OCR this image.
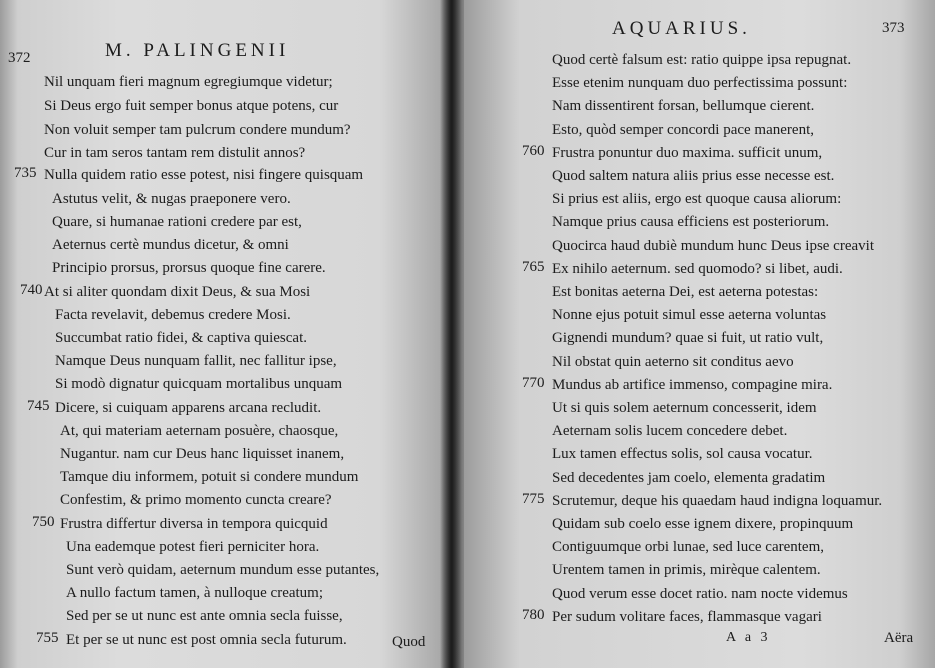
372	M. PALINGENII
Nil unquam fieri magnum egregiumque videtur;
Si Deus ergo fuit semper bonus atque potens, cur
Non voluit semper tam pulcrum condere mundum?
Cur in tam seros tantam rem distulit annos?
Nulla quidem ratio esse potest, nisi fingere quisquam
Astutus velit, & nugas praeponere vero.
Quare, si humanae rationi credere par est,
Aeternus certè mundus dicetur, & omni
Principio prorsus, prorsus quoque fine carere.
At si aliter quondam dixit Deus, & sua Mosi
Facta revelavit, debemus credere Mosi.
Succumbat ratio fidei, & captiva quiescat.
Namque Deus nunquam fallit, nec fallitur ipse,
Si modò dignatur quicquam mortalibus unquam
Dicere, si cuiquam apparens arcana recludit.
At, qui materiam aeternam posuère, chaosque,
Nugantur. nam cur Deus hanc liquisset inanem,
Tamque diu informem, potuit si condere mundum
Confestim, & primo momento cuncta creare?
Frustra differtur diversa in tempora quicquid
Una eademque potest fieri perniciter hora.
Sunt verò quidam, aeternum mundum esse putantes,
A nullo factum tamen, à nulloque creatum;
Sed per se ut nunc est ante omnia secla fuisse,
Et per se ut nunc est post omnia secla futurum.
735
740
745
750
755	Quod
AQUARIUS.	373
Quod certè falsum est: ratio quippe ipsa repugnat.
Esse etenim nunquam duo perfectissima possunt:
Nam dissentirent forsan, bellumque cierent.
Esto, quòd semper concordi pace manerent,
Frustra ponuntur duo maxima. sufficit unum,
Quod saltem natura aliis prius esse necesse est.
Si prius est aliis, ergo est quoque causa aliorum:
Namque prius causa efficiens est posteriorum.
Quocirca haud dubiè mundum hunc Deus ipse creavit
Ex nihilo aeternum. sed quomodo? si libet, audi.
Est bonitas aeterna Dei, est aeterna potestas:
Nonne ejus potuit simul esse aeterna voluntas
Gignendi mundum? quae si fuit, ut ratio vult,
Nil obstat quin aeterno sit conditus aevo
Mundus ab artifice immenso, compagine mira.
Ut si quis solem aeternum concesserit, idem
Aeternam solis lucem concedere debet.
Lux tamen effectus solis, sol causa vocatur.
Sed decedentes jam coelo, elementa gradatim
Scrutemur, deque his quaedam haud indigna loquamur.
Quidam sub coelo esse ignem dixere, propinquum
Contiguumque orbi lunae, sed luce carentem,
Urentem tamen in primis, mirèque calentem.
Quod verum esse docet ratio. nam nocte videmus
Per sudum volitare faces, flammasque vagari
760
765
770
775
780
A a 3	Aëra
